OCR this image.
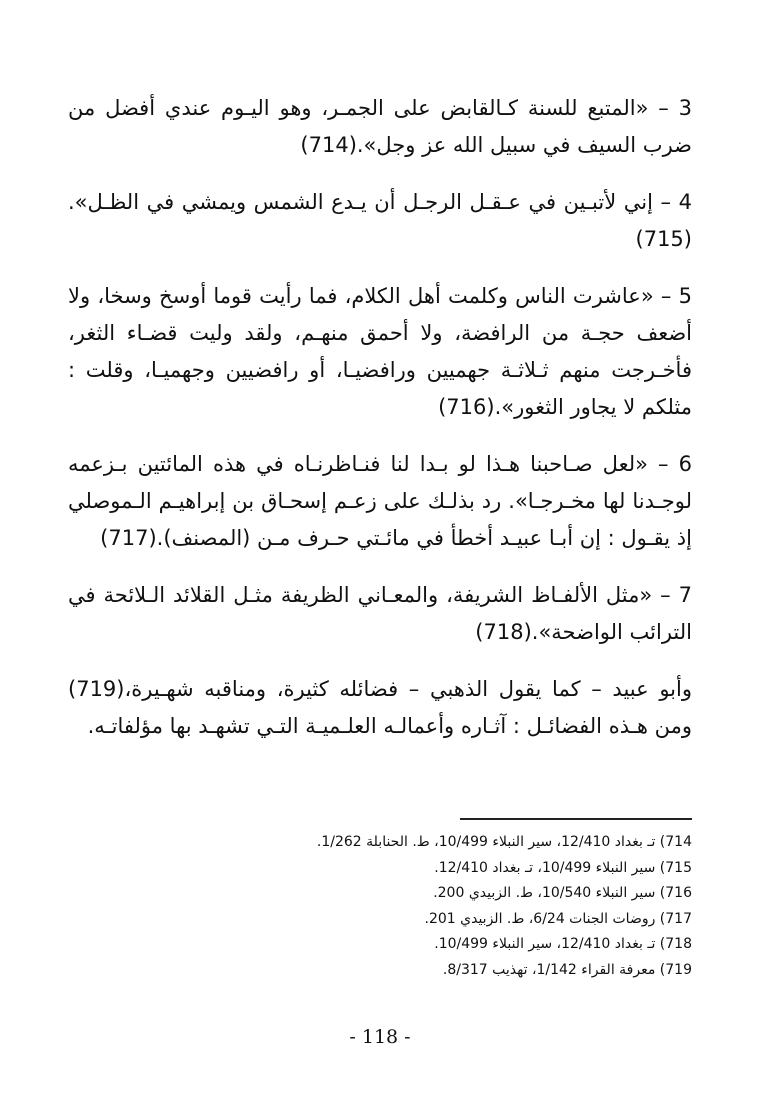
3 – «المتبع للسنة كـالقابض على الجمـر، وهو اليـوم عندي أفضل من ضرب السيف في سبيل الله عز وجل».(714)

4 – إني لأتبـين في عـقـل الرجـل أن يـدع الشمس ويمشي في الظـل».(715)

5 – «عاشرت الناس وكلمت أهل الكلام، فما رأيت قوما أوسخ وسخا، ولا أضعف حجـة من الرافضة، ولا أحمق منهـم، ولقد وليت قضـاء الثغر، فأخـرجت منهم ثـلاثـة جهميين ورافضيـا، أو رافضيين وجهميـا، وقلت : مثلكم لا يجاور الثغور».(716)

6 – «لعل صـاحبنا هـذا لو بـدا لنا فنـاظرنـاه في هذه المائتين بـزعمه لوجـدنا لها مخـرجـا». رد بذلـك على زعـم إسحـاق بن إبراهيـم الـموصلي إذ يقـول : إن أبـا عبيـد أخطأ في مائـتي حـرف مـن (المصنف).(717)

7 – «مثل الألفـاظ الشريفة، والمعـاني الظريفة مثـل القلائد الـلائحة في الترائب الواضحة».(718)

وأبو عبيد – كما يقول الذهبي – فضائله كثيرة، ومناقبه شهـيرة،(719) ومن هـذه الفضائـل : آثـاره وأعمالـه العلـميـة التـي تشهـد بها مؤلفاتـه.

714) تـ بغداد 12/410، سير النبلاء 10/499، ط. الحنابلة 1/262.
715) سير النبلاء 10/499، تـ بغداد 12/410.
716) سير النبلاء 10/540، ط. الزبيدي 200.
717) روضات الجنات 6/24، ط. الزبيدي 201.
718) تـ بغداد 12/410، سير النبلاء 10/499.
719) معرفة القراء 1/142، تهذيب 8/317.
- 118 -
